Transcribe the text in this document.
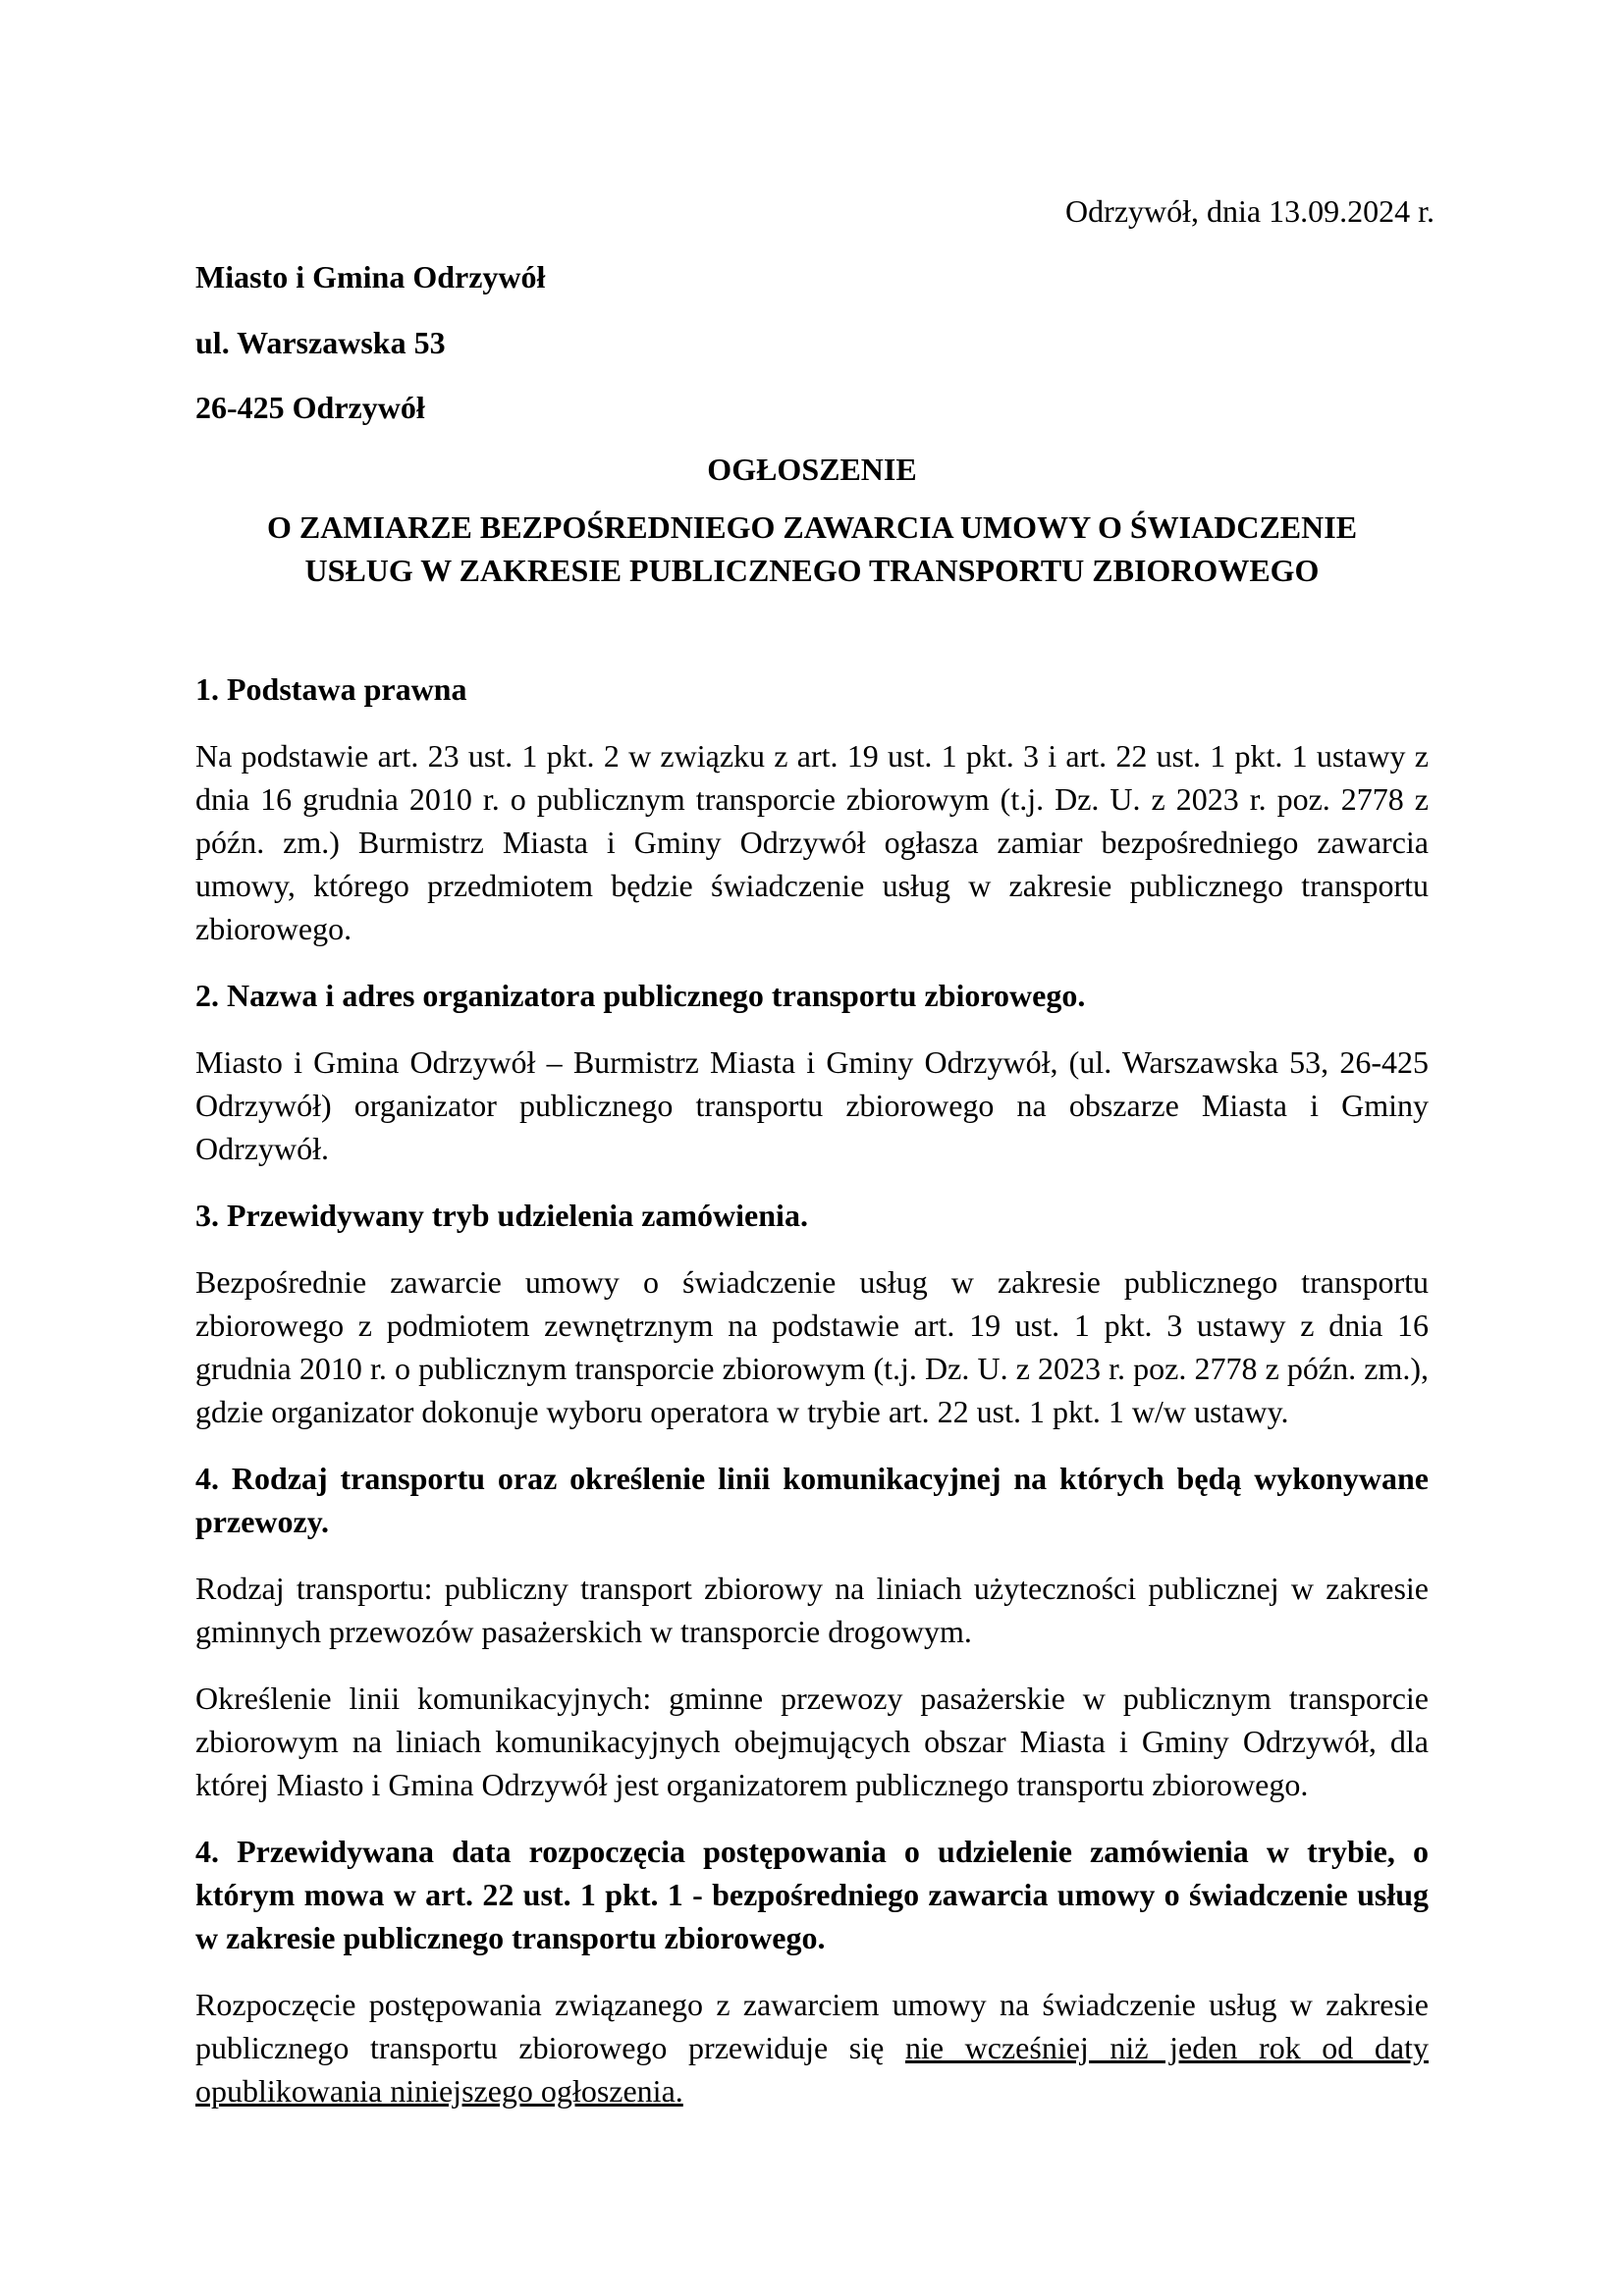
Odrzywół, dnia 13.09.2024 r.
Miasto i Gmina Odrzywół
ul. Warszawska 53
26-425 Odrzywół
OGŁOSZENIE
O ZAMIARZE BEZPOŚREDNIEGO ZAWARCIA UMOWY O ŚWIADCZENIE
USŁUG W ZAKRESIE PUBLICZNEGO TRANSPORTU ZBIOROWEGO
1. Podstawa prawna

Na podstawie art. 23 ust. 1 pkt. 2 w związku z art. 19 ust. 1 pkt. 3 i art. 22 ust. 1 pkt. 1 ustawy z dnia 16 grudnia 2010 r. o publicznym transporcie zbiorowym (t.j. Dz. U. z 2023 r. poz. 2778 z późn. zm.) Burmistrz Miasta i Gminy Odrzywół ogłasza zamiar bezpośredniego zawarcia umowy, którego przedmiotem będzie świadczenie usług w zakresie publicznego transportu zbiorowego.

2. Nazwa i adres organizatora publicznego transportu zbiorowego.

Miasto i Gmina Odrzywół – Burmistrz Miasta i Gminy Odrzywół, (ul. Warszawska 53, 26-425 Odrzywół) organizator publicznego transportu zbiorowego na obszarze Miasta i Gminy Odrzywół.

3. Przewidywany tryb udzielenia zamówienia.

Bezpośrednie zawarcie umowy o świadczenie usług w zakresie publicznego transportu zbiorowego z podmiotem zewnętrznym na podstawie art. 19 ust. 1 pkt. 3 ustawy z dnia 16 grudnia 2010 r. o publicznym transporcie zbiorowym (t.j. Dz. U. z 2023 r. poz. 2778 z późn. zm.), gdzie organizator dokonuje wyboru operatora w trybie art. 22 ust. 1 pkt. 1 w/w ustawy.

4. Rodzaj transportu oraz określenie linii komunikacyjnej na których będą wykonywane przewozy.

Rodzaj transportu: publiczny transport zbiorowy na liniach użyteczności publicznej w zakresie gminnych przewozów pasażerskich w transporcie drogowym.

Określenie linii komunikacyjnych: gminne przewozy pasażerskie w publicznym transporcie zbiorowym na liniach komunikacyjnych obejmujących obszar Miasta i Gminy Odrzywół, dla której Miasto i Gmina Odrzywół jest organizatorem publicznego transportu zbiorowego.

4. Przewidywana data rozpoczęcia postępowania o udzielenie zamówienia w trybie, o którym mowa w art. 22 ust. 1 pkt. 1 - bezpośredniego zawarcia umowy o świadczenie usług w zakresie publicznego transportu zbiorowego.

Rozpoczęcie postępowania związanego z zawarciem umowy na świadczenie usług w zakresie publicznego transportu zbiorowego przewiduje się nie wcześniej niż jeden rok od daty opublikowania niniejszego ogłoszenia.
